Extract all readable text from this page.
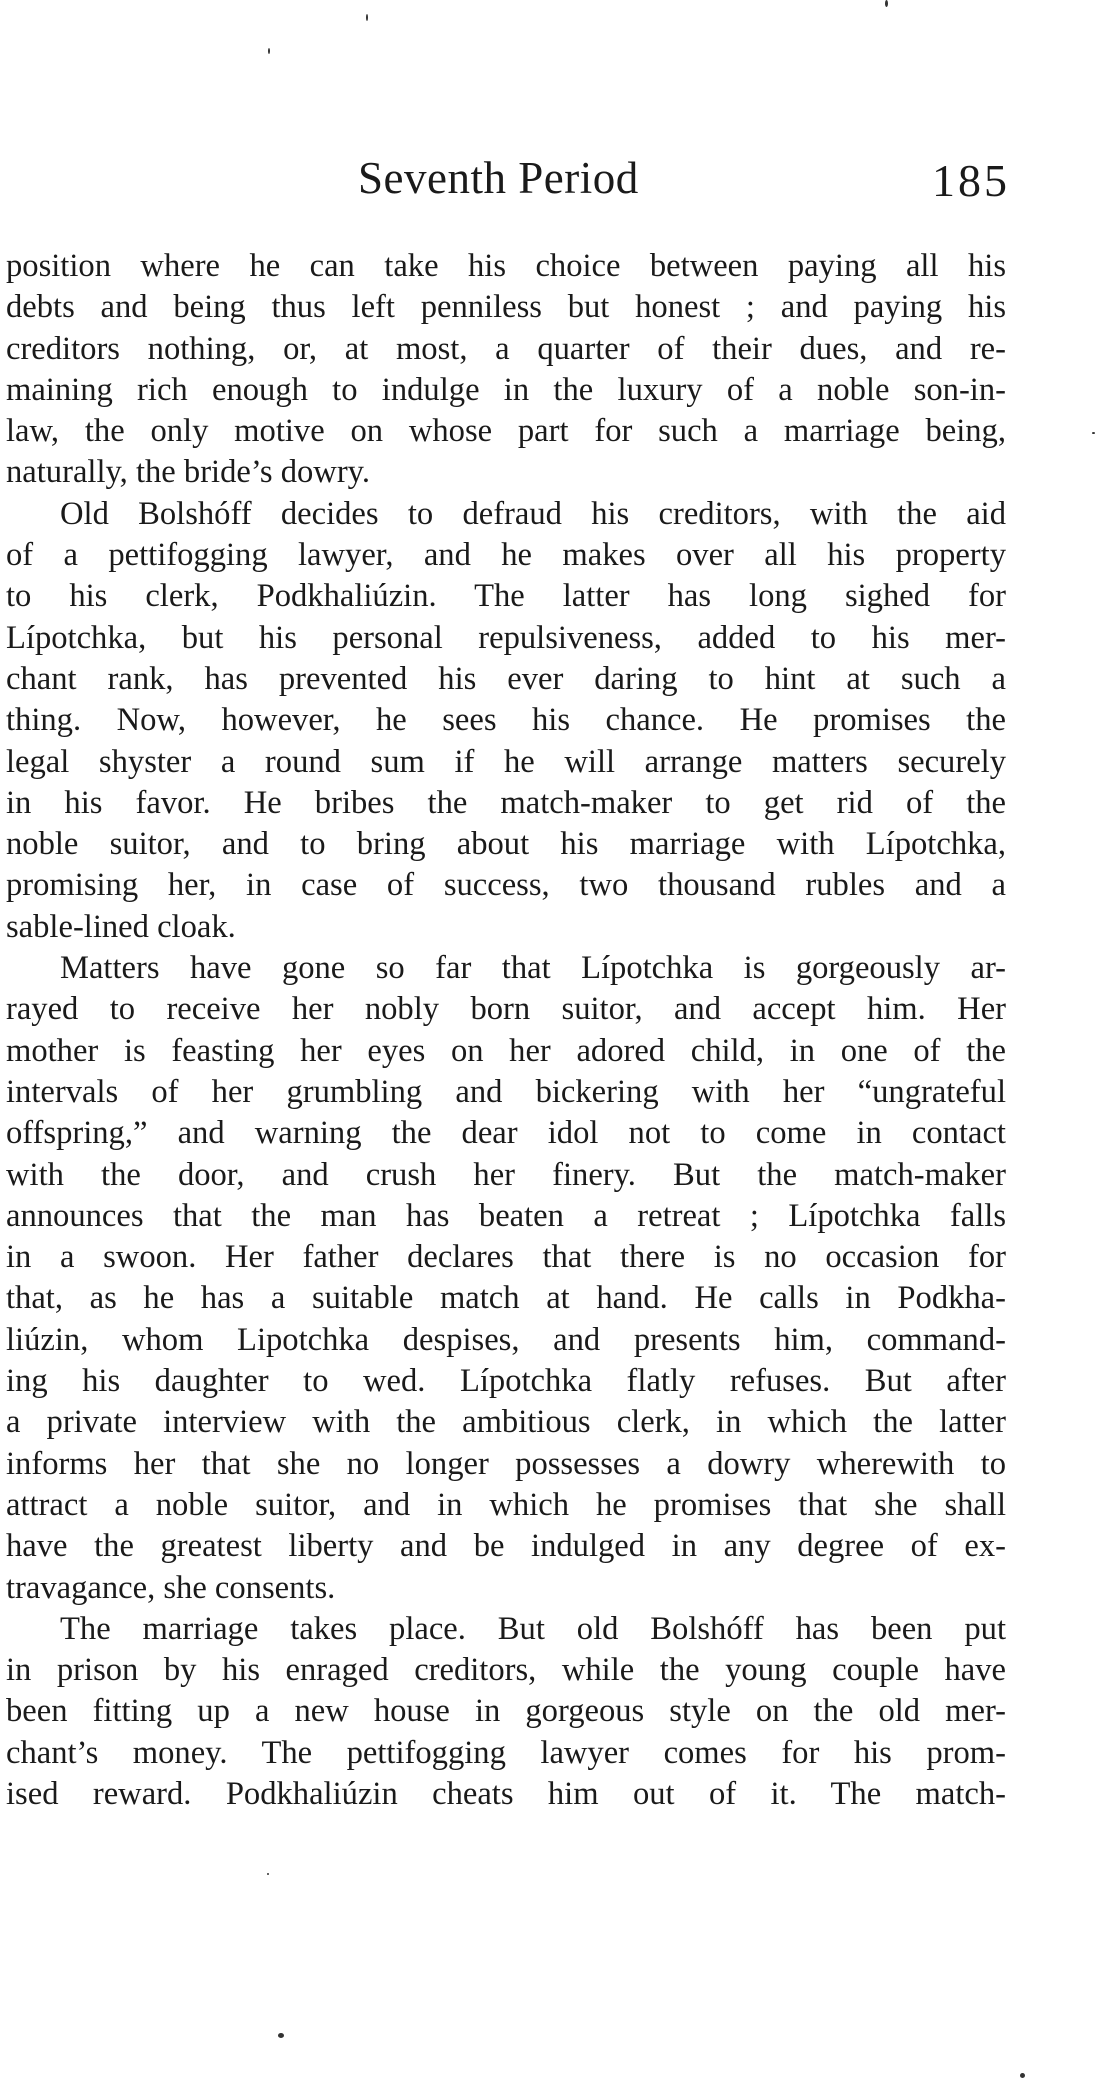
Seventh Period	185
position where he can take his choice between paying all his
debts and being thus left penniless but honest ; and paying his
creditors nothing, or, at most, a quarter of their dues, and re-
maining rich enough to indulge in the luxury of a noble son-in-
law, the only motive on whose part for such a marriage being,
naturally, the bride’s dowry.
Old Bolshóff decides to defraud his creditors, with the aid
of a pettifogging lawyer, and he makes over all his property
to his clerk, Podkhaliúzin. The latter has long sighed for
Lípotchka, but his personal repulsiveness, added to his mer-
chant rank, has prevented his ever daring to hint at such a
thing. Now, however, he sees his chance. He promises the
legal shyster a round sum if he will arrange matters securely
in his favor. He bribes the match-maker to get rid of the
noble suitor, and to bring about his marriage with Lípotchka,
promising her, in case of success, two thousand rubles and a
sable-lined cloak.
Matters have gone so far that Lípotchka is gorgeously ar-
rayed to receive her nobly born suitor, and accept him. Her
mother is feasting her eyes on her adored child, in one of the
intervals of her grumbling and bickering with her “ungrateful
offspring,” and warning the dear idol not to come in contact
with the door, and crush her finery. But the match-maker
announces that the man has beaten a retreat ; Lípotchka falls
in a swoon. Her father declares that there is no occasion for
that, as he has a suitable match at hand. He calls in Podkha-
liúzin, whom Lipotchka despises, and presents him, command-
ing his daughter to wed. Lípotchka flatly refuses. But after
a private interview with the ambitious clerk, in which the latter
informs her that she no longer possesses a dowry wherewith to
attract a noble suitor, and in which he promises that she shall
have the greatest liberty and be indulged in any degree of ex-
travagance, she consents.
The marriage takes place. But old Bolshóff has been put
in prison by his enraged creditors, while the young couple have
been fitting up a new house in gorgeous style on the old mer-
chant’s money. The pettifogging lawyer comes for his prom-
ised reward. Podkhaliúzin cheats him out of it. The match-
